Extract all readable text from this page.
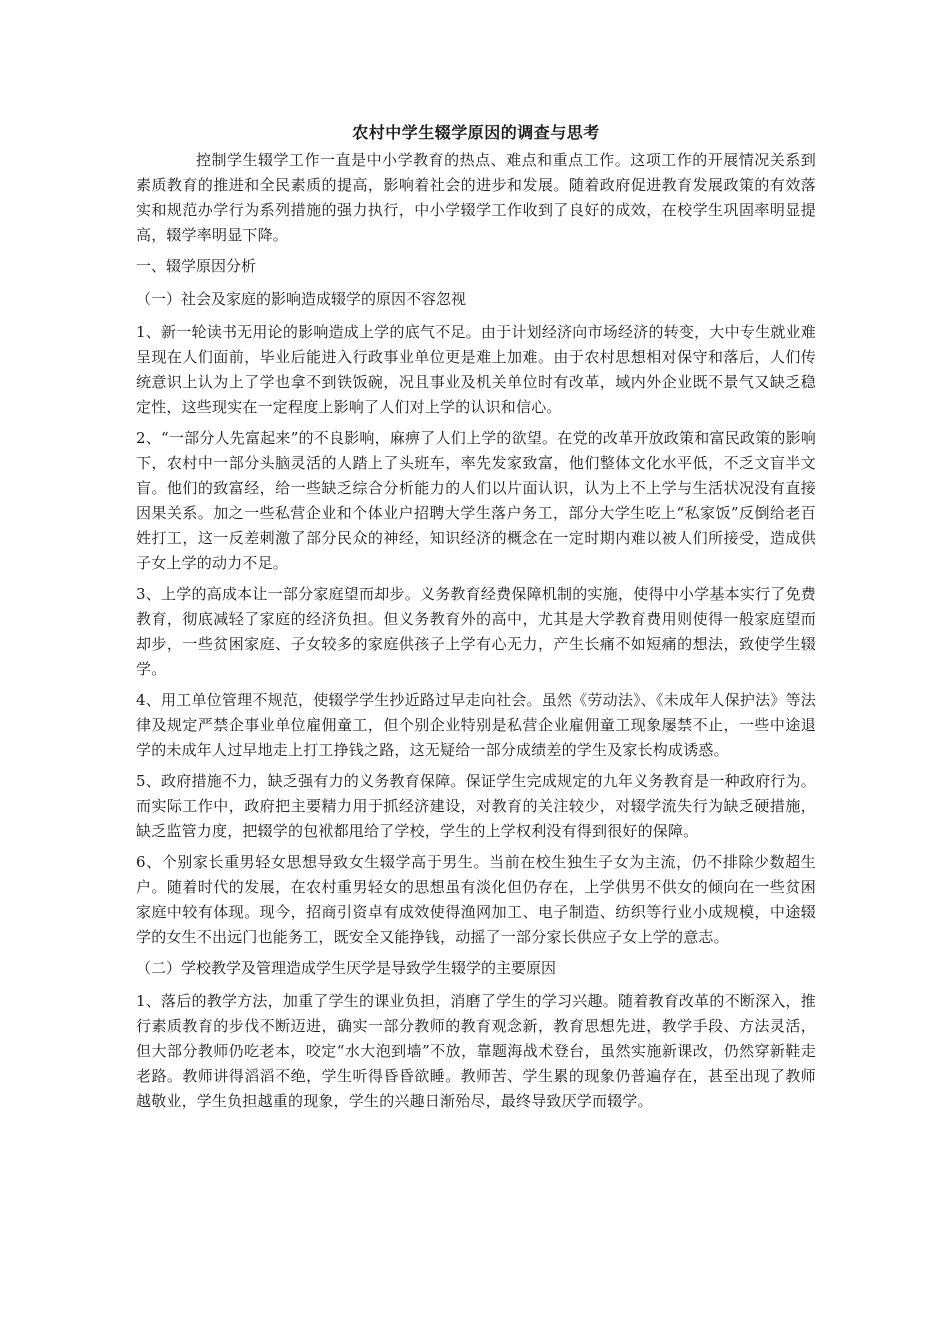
农村中学生辍学原因的调查与思考

控制学生辍学工作一直是中小学教育的热点、难点和重点工作。这项工作的开展情况关系到素质教育的推进和全民素质的提高，影响着社会的进步和发展。随着政府促进教育发展政策的有效落实和规范办学行为系列措施的强力执行，中小学辍学工作收到了良好的成效，在校学生巩固率明显提高，辍学率明显下降。

一、辍学原因分析

（一）社会及家庭的影响造成辍学的原因不容忽视

1、新一轮读书无用论的影响造成上学的底气不足。由于计划经济向市场经济的转变，大中专生就业难呈现在人们面前，毕业后能进入行政事业单位更是难上加难。由于农村思想相对保守和落后，人们传统意识上认为上了学也拿不到铁饭碗，况且事业及机关单位时有改革，域内外企业既不景气又缺乏稳定性，这些现实在一定程度上影响了人们对上学的认识和信心。

2、“一部分人先富起来”的不良影响，麻痹了人们上学的欲望。在党的改革开放政策和富民政策的影响下，农村中一部分头脑灵活的人踏上了头班车，率先发家致富，他们整体文化水平低，不乏文盲半文盲。他们的致富经，给一些缺乏综合分析能力的人们以片面认识，认为上不上学与生活状况没有直接因果关系。加之一些私营企业和个体业户招聘大学生落户务工，部分大学生吃上“私家饭”反倒给老百姓打工，这一反差刺激了部分民众的神经，知识经济的概念在一定时期内难以被人们所接受，造成供子女上学的动力不足。

3、上学的高成本让一部分家庭望而却步。义务教育经费保障机制的实施，使得中小学基本实行了免费教育，彻底减轻了家庭的经济负担。但义务教育外的高中，尤其是大学教育费用则使得一般家庭望而却步，一些贫困家庭、子女较多的家庭供孩子上学有心无力，产生长痛不如短痛的想法，致使学生辍学。

4、用工单位管理不规范，使辍学学生抄近路过早走向社会。虽然《劳动法》、《未成年人保护法》等法律及规定严禁企事业单位雇佣童工，但个别企业特别是私营企业雇佣童工现象屡禁不止，一些中途退学的未成年人过早地走上打工挣钱之路，这无疑给一部分成绩差的学生及家长构成诱惑。

5、政府措施不力，缺乏强有力的义务教育保障。保证学生完成规定的九年义务教育是一种政府行为。而实际工作中，政府把主要精力用于抓经济建设，对教育的关注较少，对辍学流失行为缺乏硬措施，缺乏监管力度，把辍学的包袱都甩给了学校，学生的上学权利没有得到很好的保障。

6、个别家长重男轻女思想导致女生辍学高于男生。当前在校生独生子女为主流，仍不排除少数超生户。随着时代的发展，在农村重男轻女的思想虽有淡化但仍存在，上学供男不供女的倾向在一些贫困家庭中较有体现。现今，招商引资卓有成效使得渔网加工、电子制造、纺织等行业小成规模，中途辍学的女生不出远门也能务工，既安全又能挣钱，动摇了一部分家长供应子女上学的意志。

（二）学校教学及管理造成学生厌学是导致学生辍学的主要原因

1、落后的教学方法，加重了学生的课业负担，消磨了学生的学习兴趣。随着教育改革的不断深入，推行素质教育的步伐不断迈进，确实一部分教师的教育观念新，教育思想先进，教学手段、方法灵活，但大部分教师仍吃老本，咬定“水大泡到墙”不放，靠题海战术登台，虽然实施新课改，仍然穿新鞋走老路。教师讲得滔滔不绝，学生听得昏昏欲睡。教师苦、学生累的现象仍普遍存在，甚至出现了教师越敬业，学生负担越重的现象，学生的兴趣日渐殆尽，最终导致厌学而辍学。
